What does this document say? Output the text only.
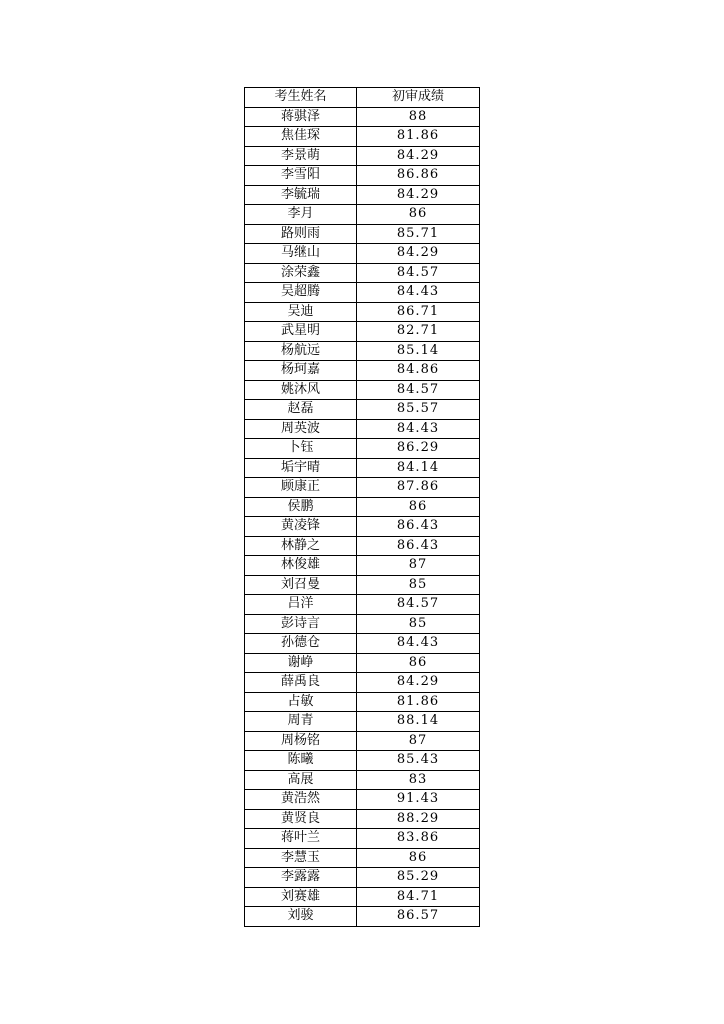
考生姓名	初审成绩
蒋骐泽	88
焦佳琛	81.86
李景萌	84.29
李雪阳	86.86
李毓瑞	84.29
李月	86
路则雨	85.71
马继山	84.29
涂荣鑫	84.57
吴超腾	84.43
吴迪	86.71
武星明	82.71
杨航远	85.14
杨珂嘉	84.86
姚沐风	84.57
赵磊	85.57
周英波	84.43
卜钰	86.29
垢宇晴	84.14
顾康正	87.86
侯鹏	86
黄凌锋	86.43
林静之	86.43
林俊雄	87
刘召曼	85
吕洋	84.57
彭诗言	85
孙德仓	84.43
谢峥	86
薛禹良	84.29
占敏	81.86
周青	88.14
周杨铭	87
陈曦	85.43
高展	83
黄浩然	91.43
黄贤良	88.29
蒋叶兰	83.86
李慧玉	86
李露露	85.29
刘赛雄	84.71
刘骏	86.57
